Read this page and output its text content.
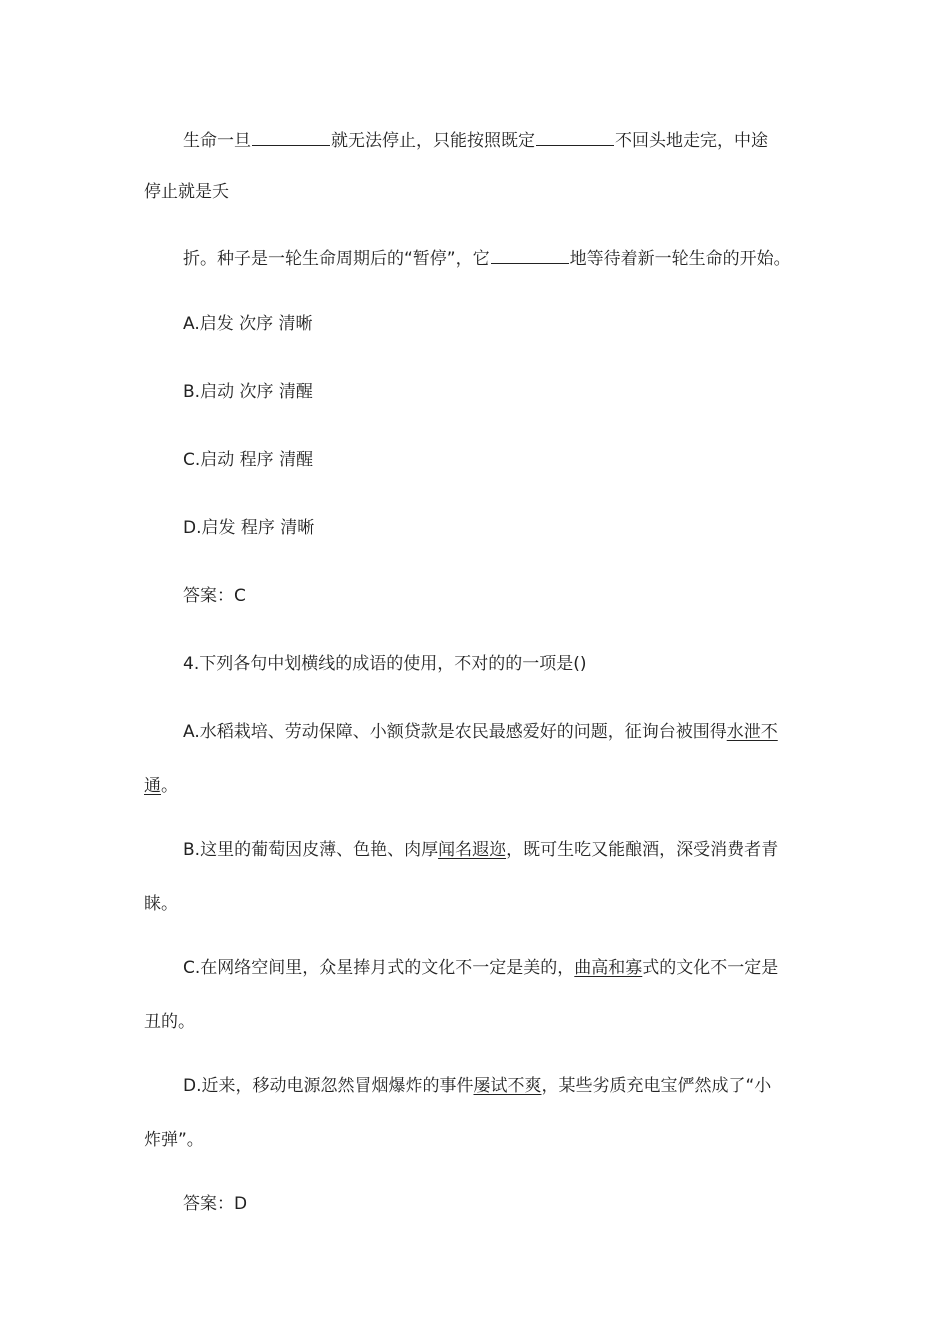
生命一旦	就无法停止，只能按照既定	不回头地走完，中途
停止就是夭
折。种子是一轮生命周期后的“暂停”，它	地等待着新一轮生命的开始。
A.启发 次序 清晰
B.启动 次序 清醒
C.启动 程序 清醒
D.启发 程序 清晰
答案：C
4.下列各句中划横线的成语的使用，不对的的一项是()
A.水稻栽培、劳动保障、小额贷款是农民最感爱好的问题，征询台被围得水泄不
通。
B.这里的葡萄因皮薄、色艳、肉厚闻名遐迩，既可生吃又能酿酒，深受消费者青
睐。
C.在网络空间里，众星捧月式的文化不一定是美的，曲高和寡式的文化不一定是
丑的。
D.近来，移动电源忽然冒烟爆炸的事件屡试不爽，某些劣质充电宝俨然成了“小
炸弹”。
答案：D
